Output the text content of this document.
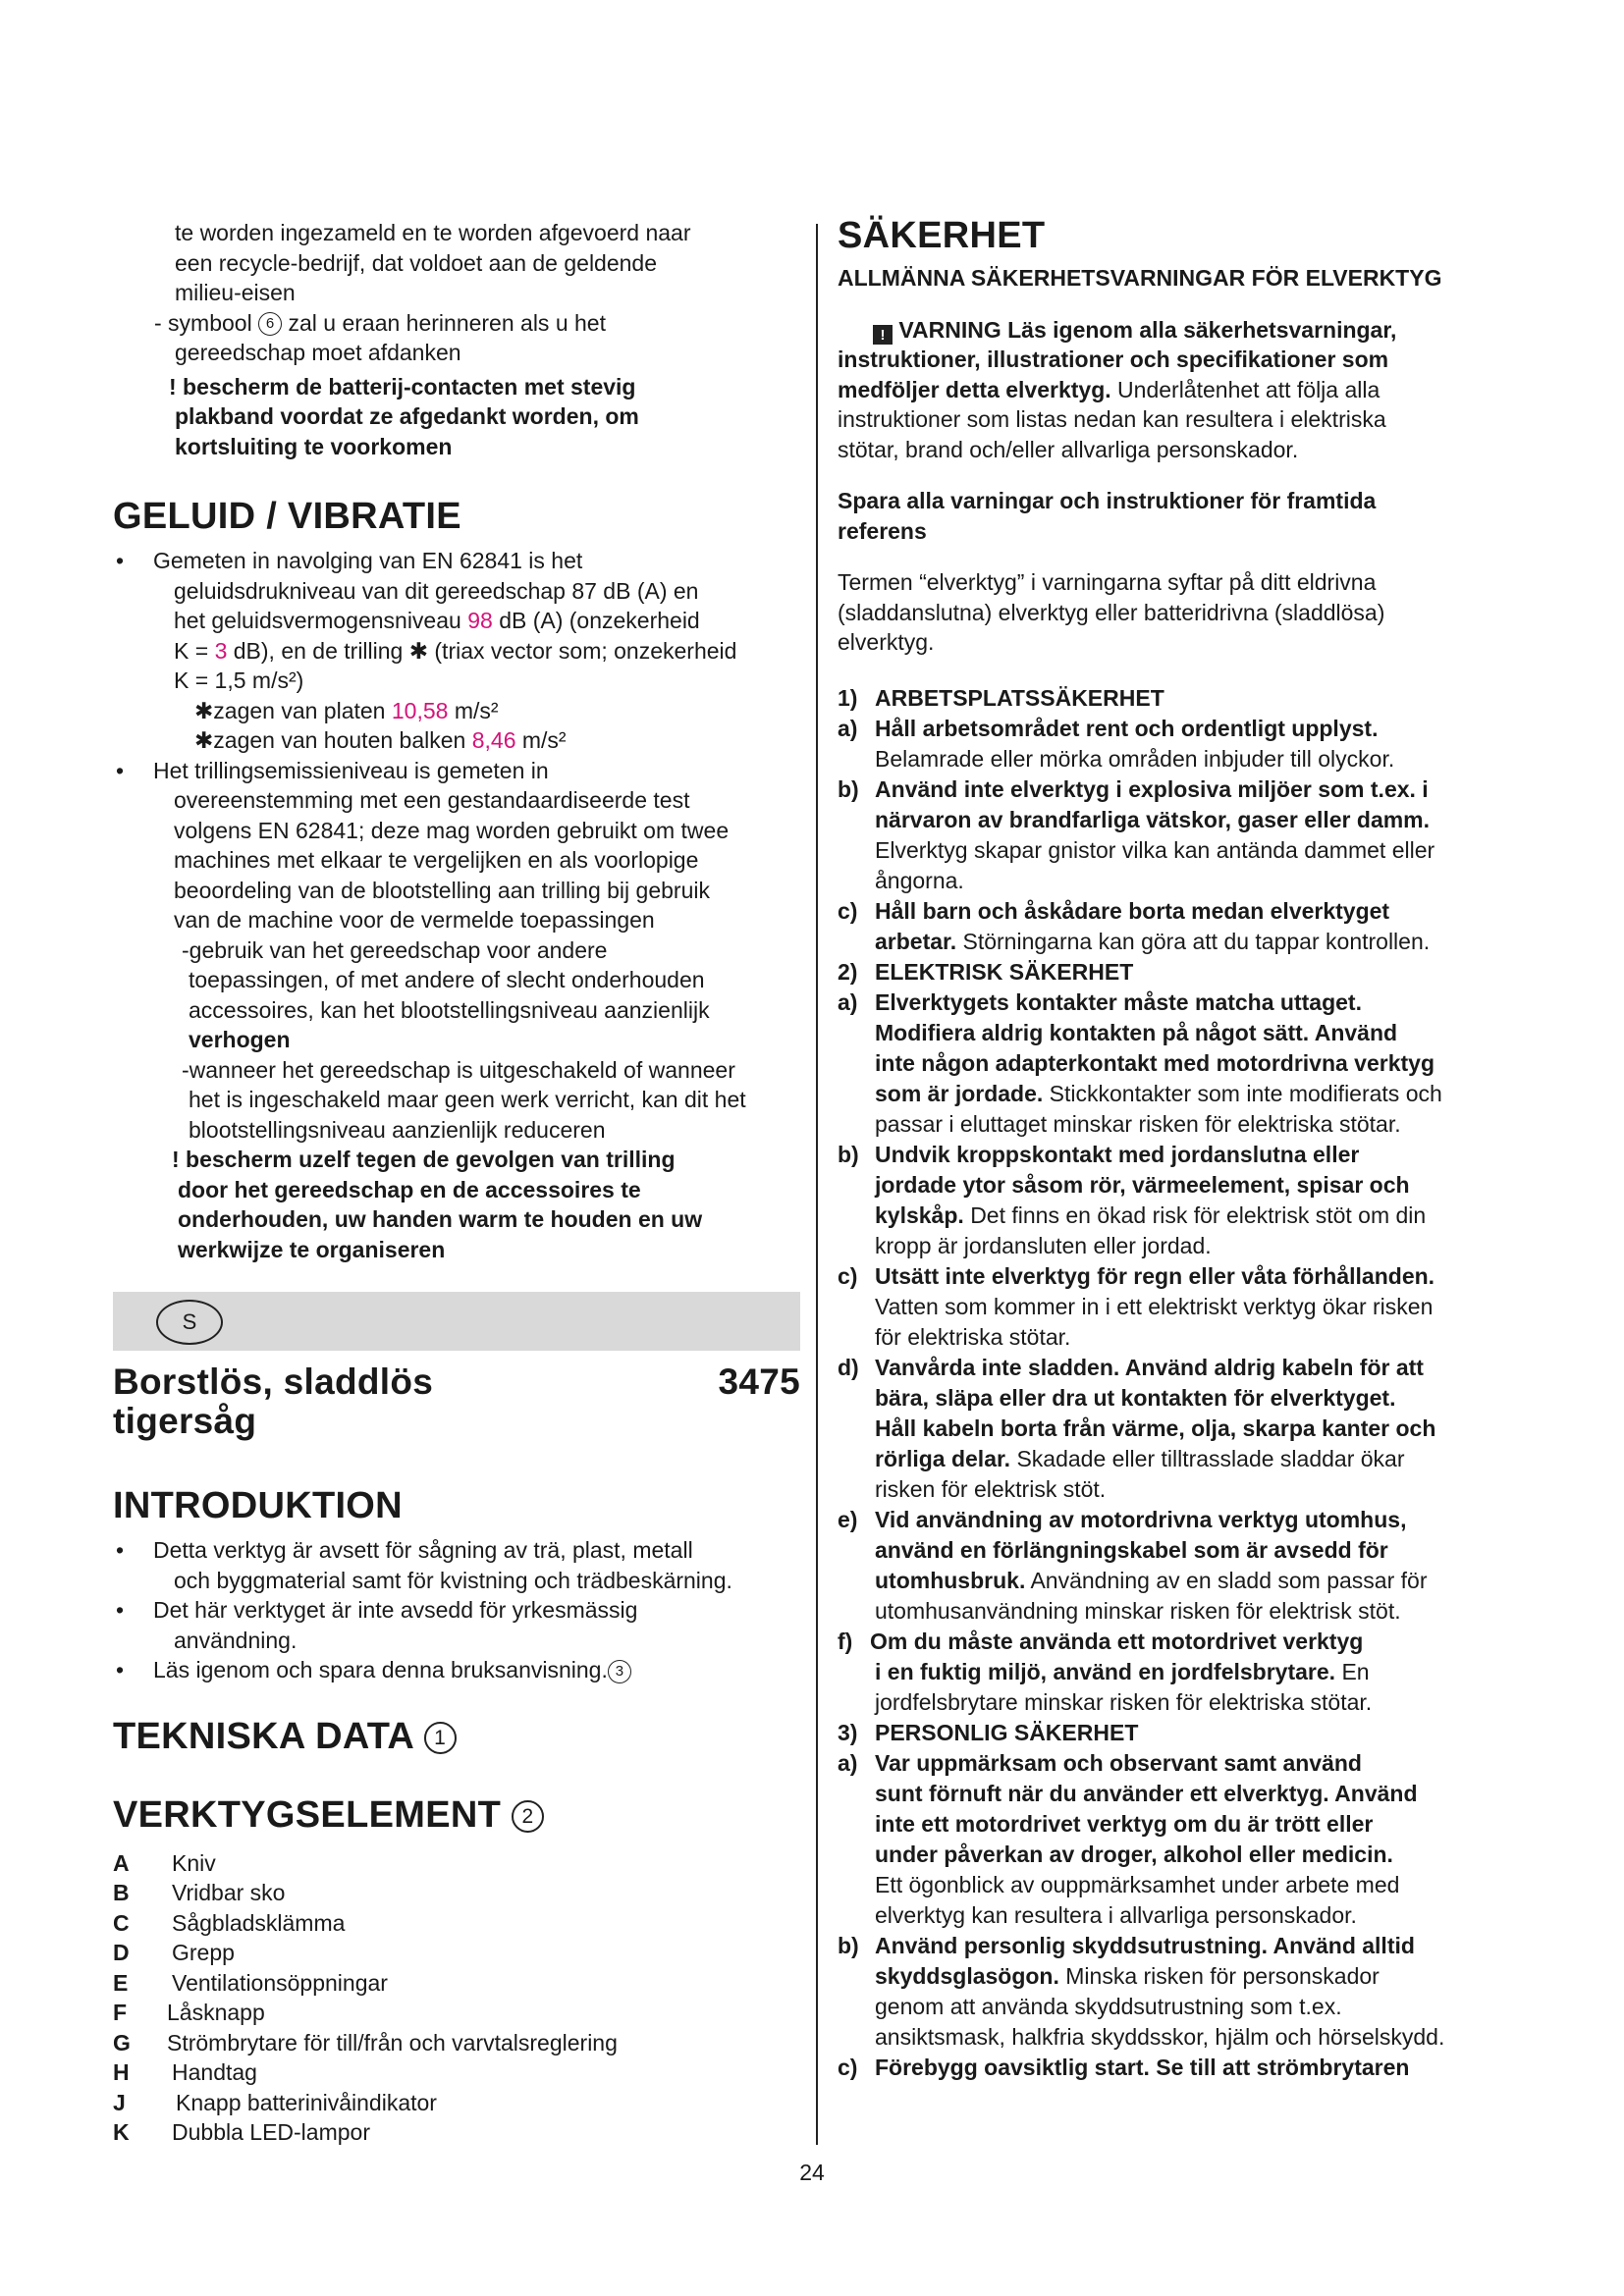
te worden ingezameld en te worden afgevoerd naar

een recycle-bedrijf, dat voldoet aan de geldende

milieu-eisen

- symbool 6 zal u eraan herinneren als u het

gereedschap moet afdanken

! bescherm de batterij-contacten met stevig

plakband voordat ze afgedankt worden, om

kortsluiting te voorkomen

GELUID / VIBRATIE

• Gemeten in navolging van EN 62841 is het

geluidsdrukniveau van dit gereedschap 87 dB (A) en

het geluidsvermogensniveau 98 dB (A) (onzekerheid

K = 3 dB), en de trilling ✱ (triax vector som; onzekerheid

K = 1,5 m/s²)

✱zagen van platen 10,58 m/s²

✱zagen van houten balken 8,46 m/s²

• Het trillingsemissieniveau is gemeten in

overeenstemming met een gestandaardiseerde test

volgens EN 62841; deze mag worden gebruikt om twee

machines met elkaar te vergelijken en als voorlopige

beoordeling van de blootstelling aan trilling bij gebruik

van de machine voor de vermelde toepassingen

-gebruik van het gereedschap voor andere

toepassingen, of met andere of slecht onderhouden

accessoires, kan het blootstellingsniveau aanzienlijk

verhogen

-wanneer het gereedschap is uitgeschakeld of wanneer

het is ingeschakeld maar geen werk verricht, kan dit het

blootstellingsniveau aanzienlijk reduceren

! bescherm uzelf tegen de gevolgen van trilling

door het gereedschap en de accessoires te

onderhouden, uw handen warm te houden en uw

werkwijze te organiseren

S

Borstlös, sladdlös

tigersåg

3475
INTRODUKTION

• Detta verktyg är avsett för sågning av trä, plast, metall

och byggmaterial samt för kvistning och trädbeskärning.

• Det här verktyget är inte avsedd för yrkesmässig

användning.

• Läs igenom och spara denna bruksanvisning. 3

TEKNISKA DATA 1
VERKTYGSELEMENT 2
A	Kniv
B	Vridbar sko
C	Sågbladsklämma
D	Grepp
E	Ventilationsöppningar
F	Låsknapp
G	Strömbrytare för till/från och varvtalsreglering
H	Handtag
J	Knapp batterinivåindikator
K	Dubbla LED-lampor
SÄKERHET

ALLMÄNNA SÄKERHETSVARNINGAR FÖR ELVERKTYG

! VARNING Läs igenom alla säkerhetsvarningar,

instruktioner, illustrationer och specifikationer som

medföljer detta elverktyg. Underlåtenhet att följa alla

instruktioner som listas nedan kan resultera i elektriska

stötar, brand och/eller allvarliga personskador.

Spara alla varningar och instruktioner för framtida

referens

Termen “elverktyg” i varningarna syftar på ditt eldrivna

(sladdanslutna) elverktyg eller batteridrivna (sladdlösa)

elverktyg.

1) ARBETSPLATSSÄKERHET
a) Håll arbetsområdet rent och ordentligt upplyst.

Belamrade eller mörka områden inbjuder till olyckor.

b) Använd inte elverktyg i explosiva miljöer som t.ex. i

närvaron av brandfarliga vätskor, gaser eller damm.

Elverktyg skapar gnistor vilka kan antända dammet eller

ångorna.

c) Håll barn och åskådare borta medan elverktyget

arbetar. Störningarna kan göra att du tappar kontrollen.

2) ELEKTRISK SÄKERHET
a) Elverktygets kontakter måste matcha uttaget.

Modifiera aldrig kontakten på något sätt. Använd

inte någon adapterkontakt med motordrivna verktyg

som är jordade. Stickkontakter som inte modifierats och

passar i eluttaget minskar risken för elektriska stötar.

b) Undvik kroppskontakt med jordanslutna eller

jordade ytor såsom rör, värmeelement, spisar och

kylskåp. Det finns en ökad risk för elektrisk stöt om din

kropp är jordansluten eller jordad.

c) Utsätt inte elverktyg för regn eller våta förhållanden.

Vatten som kommer in i ett elektriskt verktyg ökar risken

för elektriska stötar.

d) Vanvårda inte sladden. Använd aldrig kabeln för att

bära, släpa eller dra ut kontakten för elverktyget.

Håll kabeln borta från värme, olja, skarpa kanter och

rörliga delar. Skadade eller tilltrasslade sladdar ökar

risken för elektrisk stöt.

e) Vid användning av motordrivna verktyg utomhus,

använd en förlängningskabel som är avsedd för

utomhusbruk. Användning av en sladd som passar för

utomhusanvändning minskar risken för elektrisk stöt.

f) Om du måste använda ett motordrivet verktyg

i en fuktig miljö, använd en jordfelsbrytare. En

jordfelsbrytare minskar risken för elektriska stötar.

3) PERSONLIG SÄKERHET
a) Var uppmärksam och observant samt använd

sunt förnuft när du använder ett elverktyg. Använd

inte ett motordrivet verktyg om du är trött eller

under påverkan av droger, alkohol eller medicin.

Ett ögonblick av ouppmärksamhet under arbete med

elverktyg kan resultera i allvarliga personskador.

b) Använd personlig skyddsutrustning. Använd alltid

skyddsglasögon. Minska risken för personskador

genom att använda skyddsutrustning som t.ex.

ansiktsmask, halkfria skyddsskor, hjälm och hörselskydd.

c) Förebygg oavsiktlig start. Se till att strömbrytaren

24
